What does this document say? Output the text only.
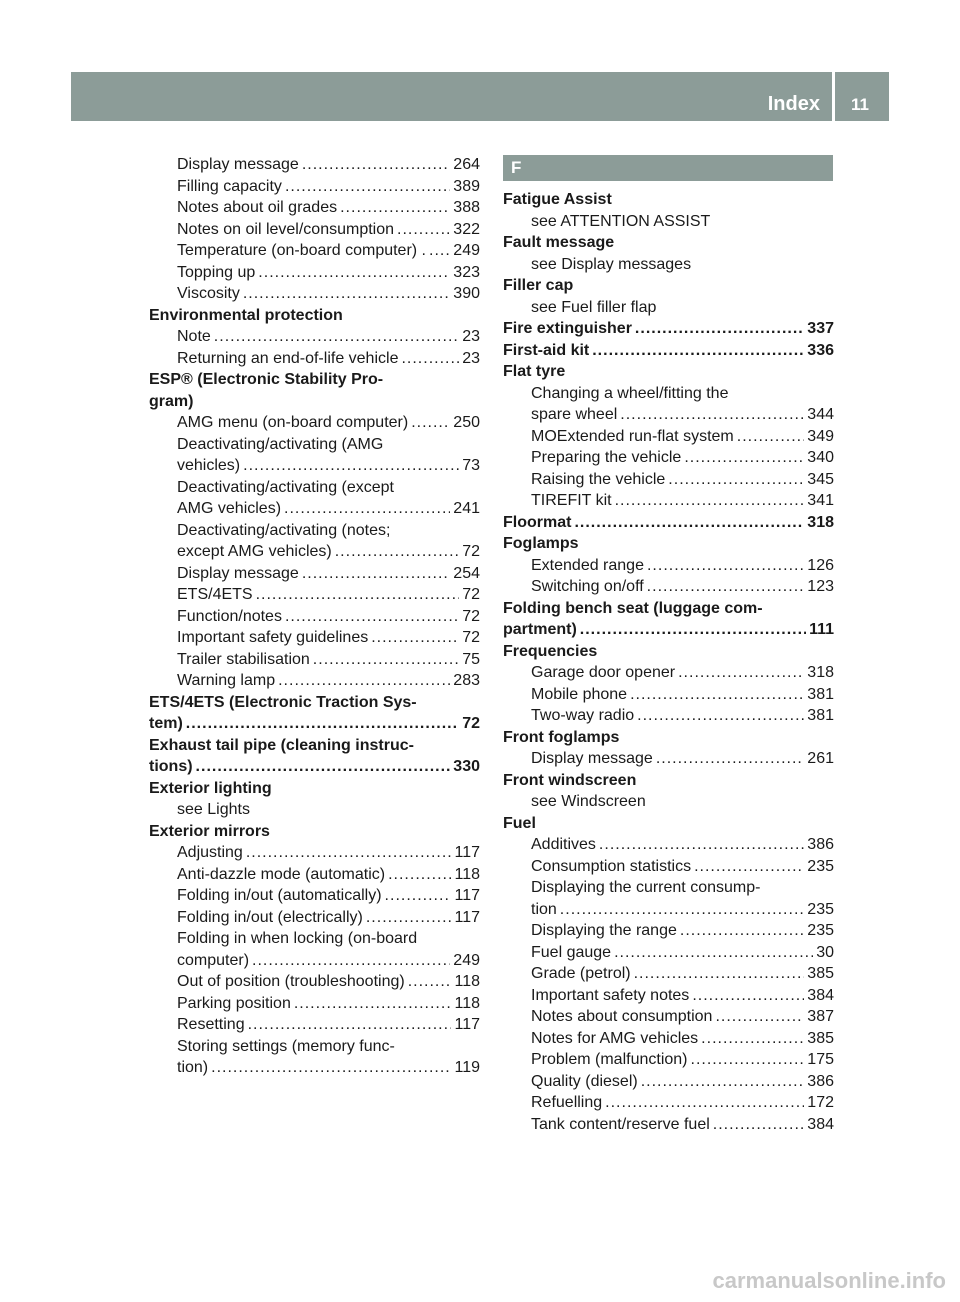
Index 11
Display message .....	264
Filling capacity .....	389
Notes about oil grades .....	388
Notes on oil level/consumption .....	322
Temperature (on-board computer) . ..... 249
Topping up .....	323
Viscosity .....	390
Environmental protection
Note .....	23
Returning an end-of-life vehicle .....	23
ESP® (Electronic Stability Pro-
gram)
AMG menu (on-board computer) .....	250
Deactivating/activating (AMG
vehicles) .....	73
Deactivating/activating (except
AMG vehicles) .....	241
Deactivating/activating (notes;
except AMG vehicles) .....	72
Display message .....	254
ETS/4ETS .....	72
Function/notes .....	72
Important safety guidelines .....	72
Trailer stabilisation .....	75
Warning lamp .....	283
ETS/4ETS (Electronic Traction Sys-
tem) .....	72
Exhaust tail pipe (cleaning instruc-
tions) .....	330
Exterior lighting
see Lights
Exterior mirrors
Adjusting .....	117
Anti-dazzle mode (automatic) .....	118
Folding in/out (automatically) .....	117
Folding in/out (electrically) .....	117
Folding in when locking (on-board
computer) .....	249
Out of position (troubleshooting) .....	118
Parking position .....	118
Resetting .....	117
Storing settings (memory func-
tion) .....	119
F
Fatigue Assist
see ATTENTION ASSIST
Fault message
see Display messages
Filler cap
see Fuel filler flap
Fire extinguisher .....	337
First-aid kit .....	336
Flat tyre
Changing a wheel/fitting the
spare wheel .....	344
MOExtended run-flat system .....	349
Preparing the vehicle .....	340
Raising the vehicle .....	345
TIREFIT kit .....	341
Floormat .....	318
Foglamps
Extended range .....	126
Switching on/off .....	123
Folding bench seat (luggage com-
partment) .....	111
Frequencies
Garage door opener .....	318
Mobile phone .....	381
Two-way radio .....	381
Front foglamps
Display message .....	261
Front windscreen
see Windscreen
Fuel
Additives .....	386
Consumption statistics .....	235
Displaying the current consump-
tion .....	235
Displaying the range .....	235
Fuel gauge .....	30
Grade (petrol) .....	385
Important safety notes .....	384
Notes about consumption .....	387
Notes for AMG vehicles .....	385
Problem (malfunction) .....	175
Quality (diesel) .....	386
Refuelling .....	172
Tank content/reserve fuel .....	384
carmanualsonline.info
